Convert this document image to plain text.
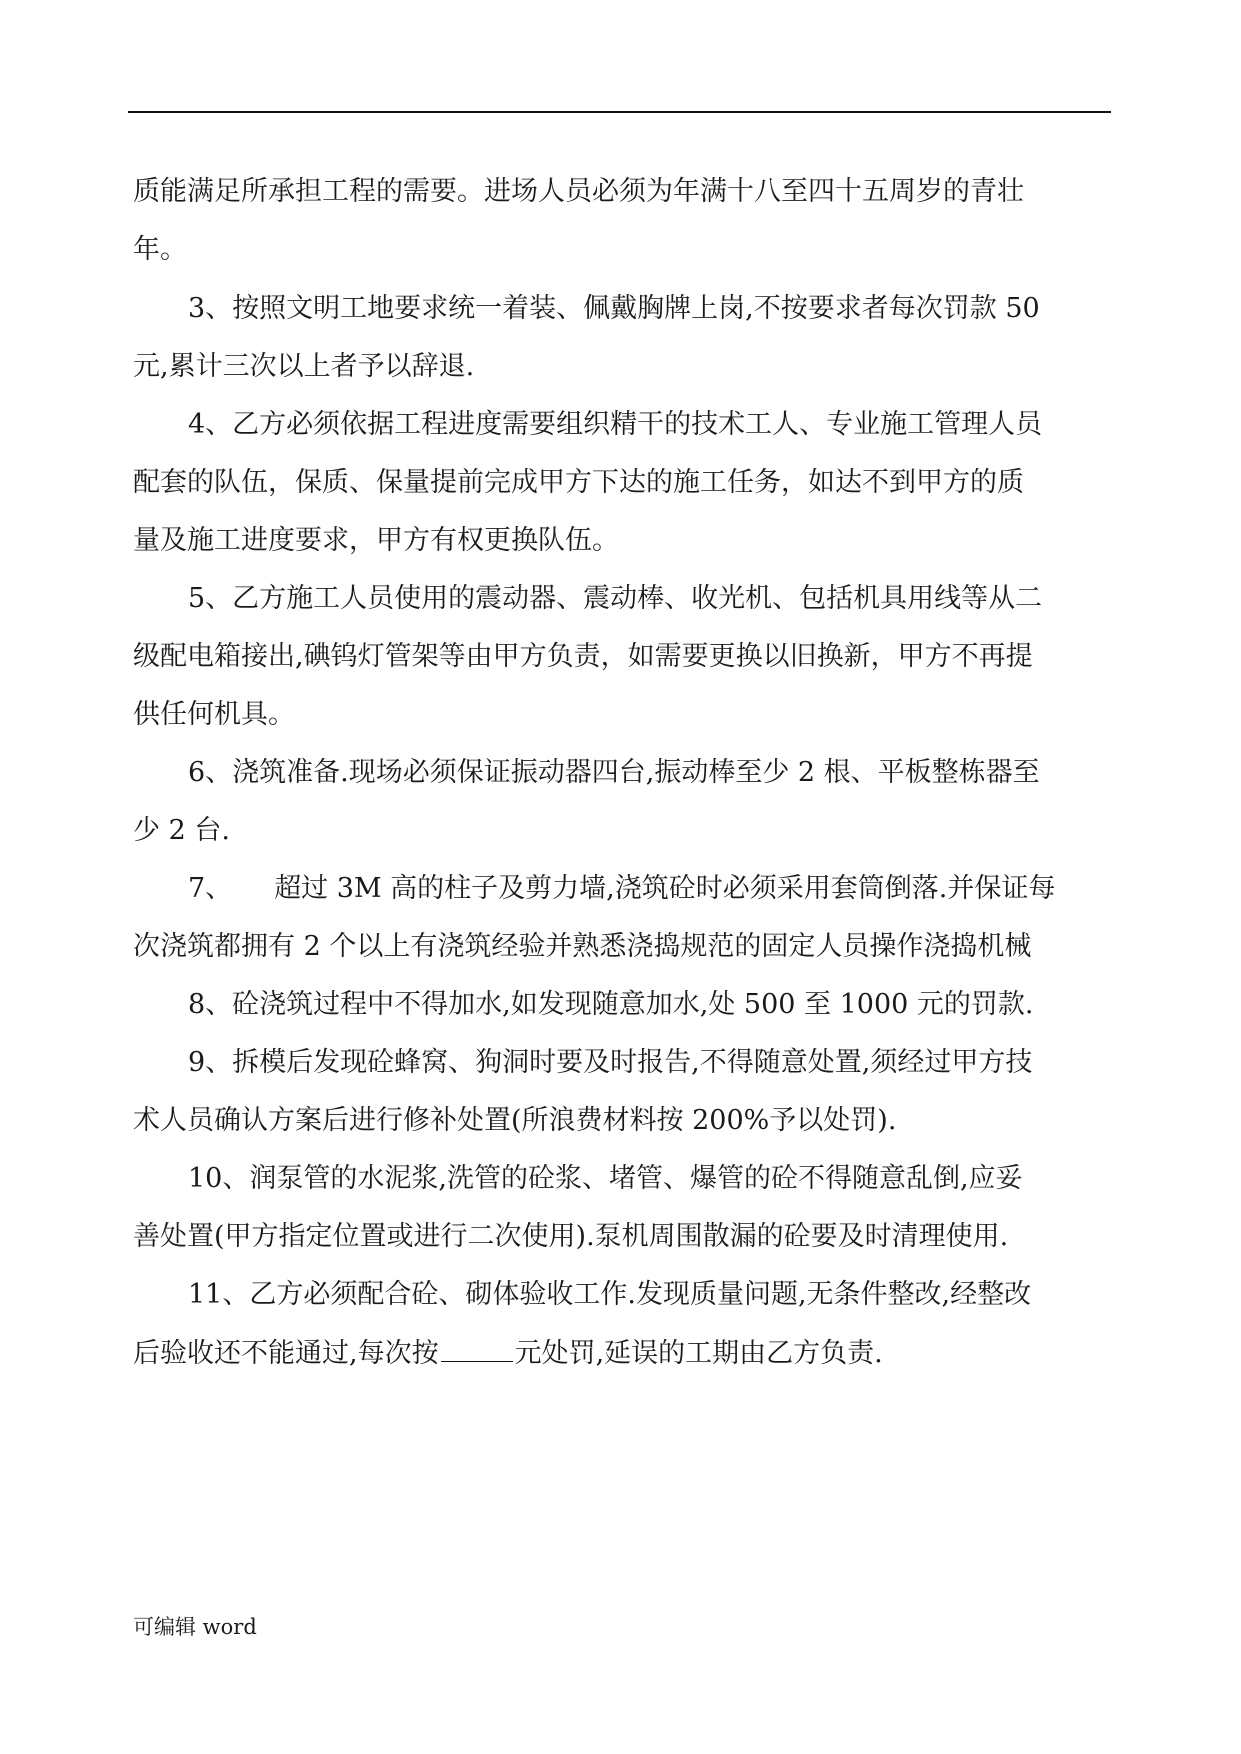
质能满足所承担工程的需要。进场人员必须为年满十八至四十五周岁的青壮

年。

3、按照文明工地要求统一着装、佩戴胸牌上岗,不按要求者每次罚款 50

元,累计三次以上者予以辞退.

4、乙方必须依据工程进度需要组织精干的技术工人、专业施工管理人员

配套的队伍，保质、保量提前完成甲方下达的施工任务，如达不到甲方的质

量及施工进度要求，甲方有权更换队伍。

5、乙方施工人员使用的震动器、震动棒、收光机、包括机具用线等从二

级配电箱接出,碘钨灯管架等由甲方负责，如需要更换以旧换新，甲方不再提

供任何机具。

6、浇筑准备.现场必须保证振动器四台,振动棒至少 2 根、平板整栋器至

少 2 台.

7、 超过 3M 高的柱子及剪力墙,浇筑砼时必须采用套筒倒落.并保证每

次浇筑都拥有 2 个以上有浇筑经验并熟悉浇捣规范的固定人员操作浇捣机械

8、砼浇筑过程中不得加水,如发现随意加水,处 500 至 1000 元的罚款.

9、拆模后发现砼蜂窝、狗洞时要及时报告,不得随意处置,须经过甲方技

术人员确认方案后进行修补处置(所浪费材料按 200%予以处罚).

10、润泵管的水泥浆,洗管的砼浆、堵管、爆管的砼不得随意乱倒,应妥

善处置(甲方指定位置或进行二次使用).泵机周围散漏的砼要及时清理使用.

11、乙方必须配合砼、砌体验收工作.发现质量问题,无条件整改,经整改

后验收还不能通过,每次按	元处罚,延误的工期由乙方负责.

可编辑 word
